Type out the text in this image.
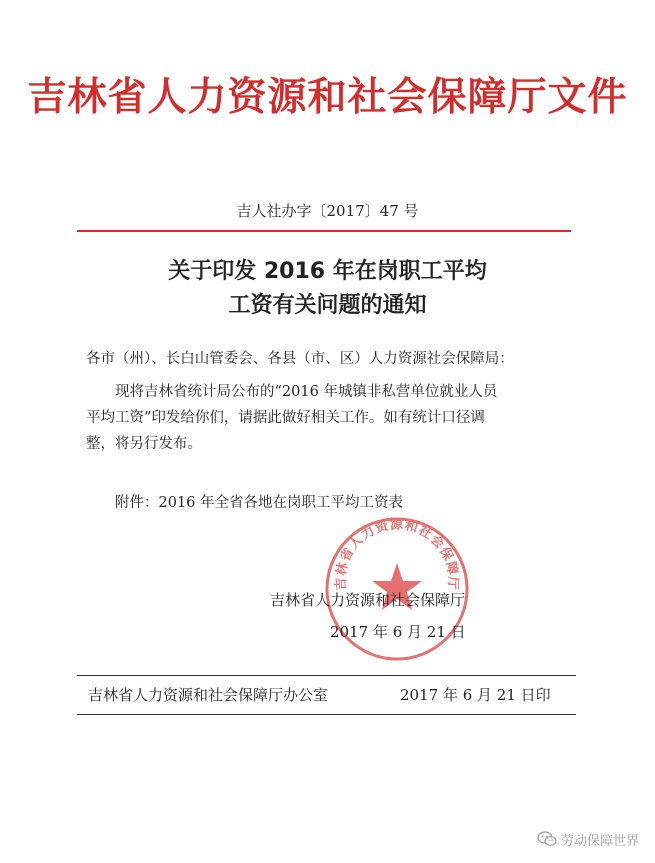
吉林省人力资源和社会保障厅文件
吉人社办字〔2017〕47 号
关于印发 2016 年在岗职工平均
工资有关问题的通知
各市（州）、长白山管委会、各县（市、区）人力资源社会保障局：
现将吉林省统计局公布的“2016 年城镇非私营单位就业人员
平均工资”印发给你们，请据此做好相关工作。如有统计口径调
整，将另行发布。
附件：2016 年全省各地在岗职工平均工资表
吉林省人力资源和社会保障厅
吉林省人力资源和社会保障厅
2017 年 6 月 21 日
吉林省人力资源和社会保障厅办公室	2017 年 6 月 21 日印
劳动保障世界
